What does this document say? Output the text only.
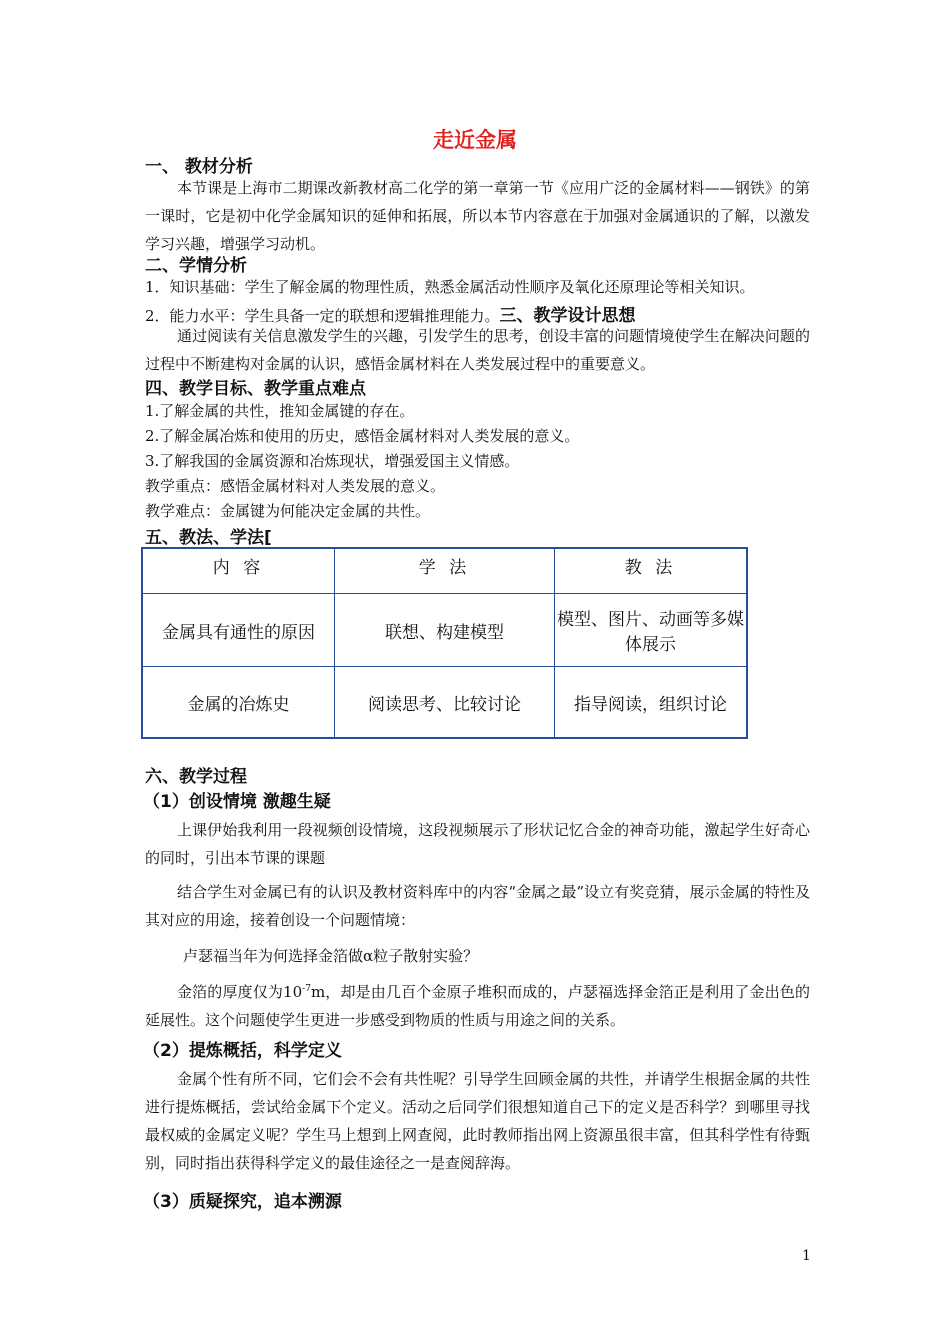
走近金属
一、 教材分析
本节课是上海市二期课改新教材高二化学的第一章第一节《应用广泛的金属材料——钢铁》的第一课时，它是初中化学金属知识的延伸和拓展，所以本节内容意在于加强对金属通识的了解，以激发学习兴趣，增强学习动机。
二、学情分析
1．知识基础：学生了解金属的物理性质，熟悉金属活动性顺序及氧化还原理论等相关知识。
2．能力水平：学生具备一定的联想和逻辑推理能力。三、教学设计思想
通过阅读有关信息激发学生的兴趣，引发学生的思考，创设丰富的问题情境使学生在解决问题的过程中不断建构对金属的认识，感悟金属材料在人类发展过程中的重要意义。
四、教学目标、教学重点难点
1.了解金属的共性，推知金属键的存在。
2.了解金属冶炼和使用的历史，感悟金属材料对人类发展的意义。
3.了解我国的金属资源和冶炼现状，增强爱国主义情感。
教学重点：感悟金属材料对人类发展的意义。
教学难点：金属键为何能决定金属的共性。
五、教法、学法[
内 容	学 法	教 法
金属具有通性的原因	联想、构建模型	模型、图片、动画等多媒体展示
金属的冶炼史	阅读思考、比较讨论	指导阅读，组织讨论
六、教学过程
（1）创设情境 激趣生疑
上课伊始我利用一段视频创设情境，这段视频展示了形状记忆合金的神奇功能，激起学生好奇心的同时，引出本节课的课题
结合学生对金属已有的认识及教材资料库中的内容“金属之最”设立有奖竞猜，展示金属的特性及其对应的用途，接着创设一个问题情境：
卢瑟福当年为何选择金箔做α粒子散射实验？
金箔的厚度仅为$10^{-7}m$，却是由几百个金原子堆积而成的，卢瑟福选择金箔正是利用了金出色的延展性。这个问题使学生更进一步感受到物质的性质与用途之间的关系。
（2）提炼概括，科学定义
金属个性有所不同，它们会不会有共性呢？引导学生回顾金属的共性，并请学生根据金属的共性进行提炼概括，尝试给金属下个定义。活动之后同学们很想知道自己下的定义是否科学？到哪里寻找最权威的金属定义呢？学生马上想到上网查阅，此时教师指出网上资源虽很丰富，但其科学性有待甄别，同时指出获得科学定义的最佳途径之一是查阅辞海。
（3）质疑探究，追本溯源
1
